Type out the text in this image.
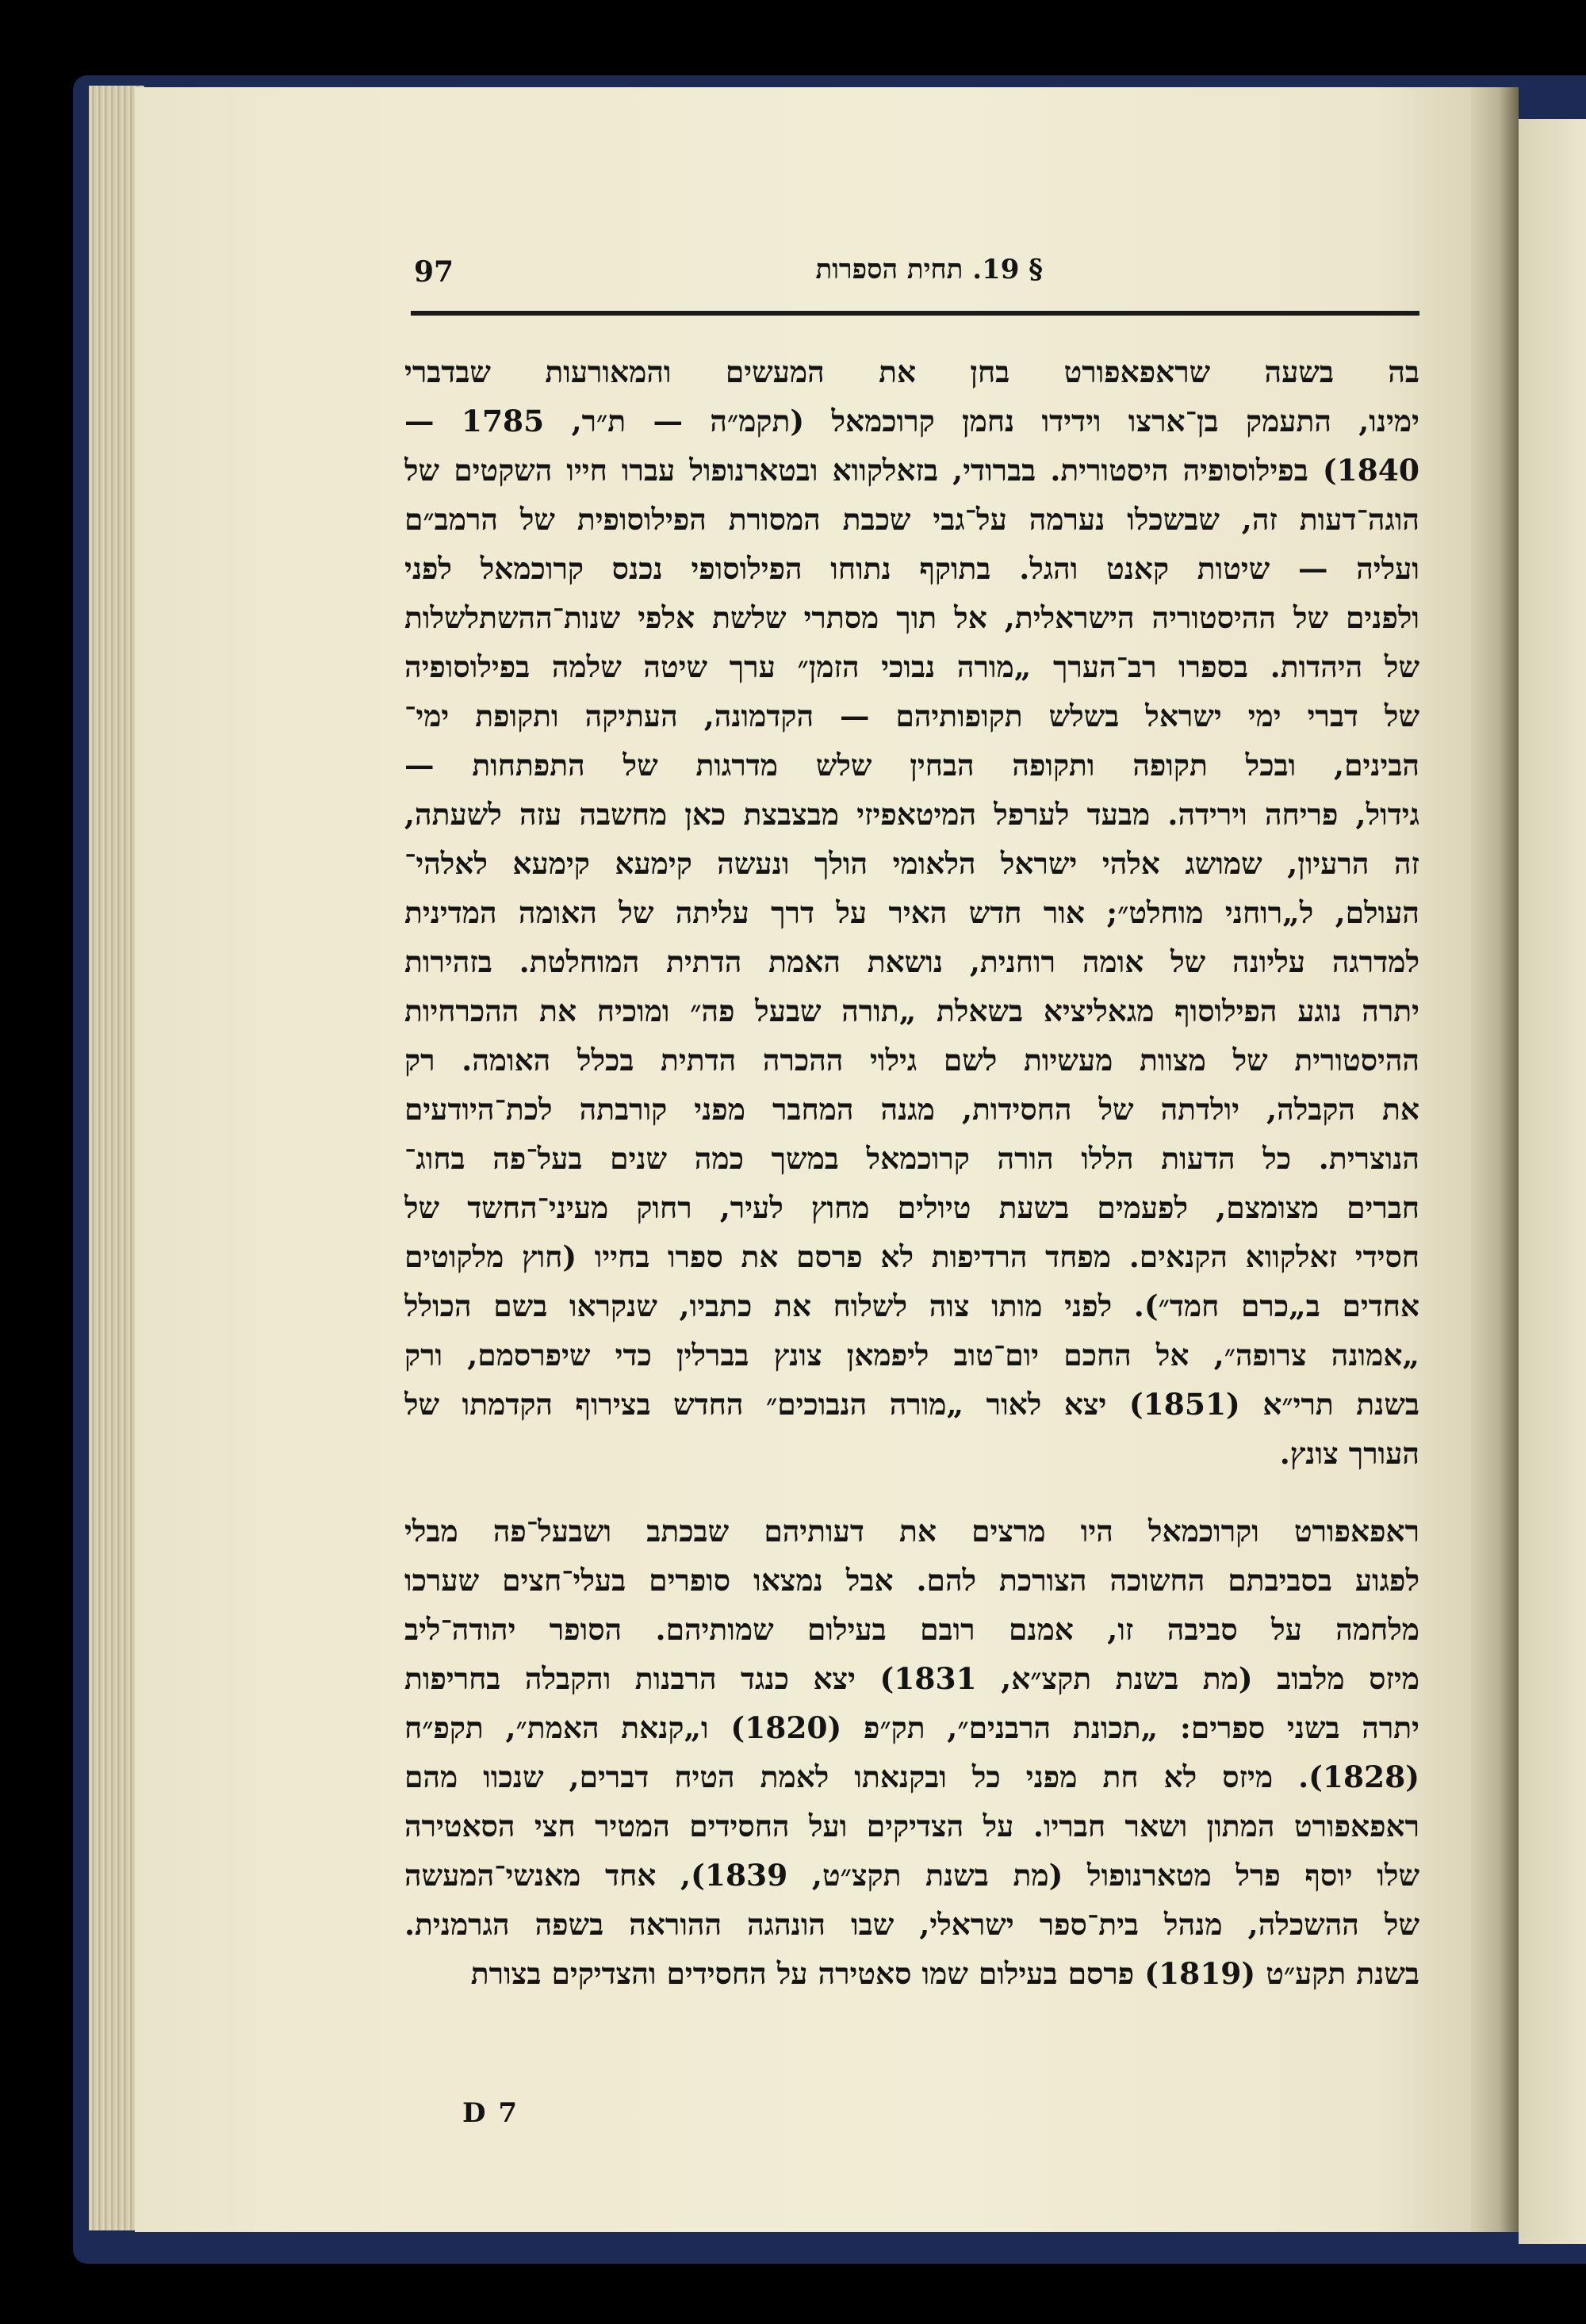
97	§ 19. תחית הספרות
בה בשעה שראפאפורט בחן את המעשים והמאורעות שבדברי
ימינו, התעמק בן־ארצו וידידו נחמן קרוכמאל (תקמ״ה — ת״ר, 1785 —
1840) בפילוסופיה היסטורית. בברודי, בזאלקווא ובטארנופול עברו חייו השקטים של
הוגה־דעות זה, שבשכלו נערמה על־גבי שכבת המסורת הפילוסופית של הרמב״ם
ועליה — שיטות קאנט והגל. בתוקף נתוחו הפילוסופי נכנס קרוכמאל לפני
ולפנים של ההיסטוריה הישראלית, אל תוך מסתרי שלשת אלפי שנות־ההשתלשלות
של היהדות. בספרו רב־הערך „מורה נבוכי הזמן״ ערך שיטה שלמה בפילוסופיה
של דברי ימי ישראל בשלש תקופותיהם — הקדמונה, העתיקה ותקופת ימי־
הבינים, ובכל תקופה ותקופה הבחין שלש מדרגות של התפתחות —
גידול, פריחה וירידה. מבעד לערפל המיטאפיזי מבצבצת כאן מחשבה עזה לשעתה,
זה הרעיון, שמושג אלהי ישראל הלאומי הולך ונעשה קימעא קימעא לאלהי־
העולם, ל„רוחני מוחלט״; אור חדש האיר על דרך עליתה של האומה המדינית
למדרגה עליונה של אומה רוחנית, נושאת האמת הדתית המוחלטת. בזהירות
יתרה נוגע הפילוסוף מגאליציא בשאלת „תורה שבעל פה״ ומוכיח את ההכרחיות
ההיסטורית של מצוות מעשיות לשם גילוי ההכרה הדתית בכלל האומה. רק
את הקבלה, יולדתה של החסידות, מגנה המחבר מפני קורבתה לכת־היודעים
הנוצרית. כל הדעות הללו הורה קרוכמאל במשך כמה שנים בעל־פה בחוג־
חברים מצומצם, לפעמים בשעת טיולים מחוץ לעיר, רחוק מעיני־החשד של
חסידי זאלקווא הקנאים. מפחד הרדיפות לא פרסם את ספרו בחייו (חוץ מלקוטים
אחדים ב„כרם חמד״). לפני מותו צוה לשלוח את כתביו, שנקראו בשם הכולל
„אמונה צרופה״, אל החכם יום־טוב ליפמאן צונץ בברלין כדי שיפרסמם, ורק
בשנת תרי״א (1851) יצא לאור „מורה הנבוכים״ החדש בצירוף הקדמתו של
העורך צונץ.
ראפאפורט וקרוכמאל היו מרצים את דעותיהם שבכתב ושבעל־פה מבלי
לפגוע בסביבתם החשוכה הצורכת להם. אבל נמצאו סופרים בעלי־חצים שערכו
מלחמה על סביבה זו, אמנם רובם בעילום שמותיהם. הסופר יהודה־ליב
מיזס מלבוב (מת בשנת תקצ״א, 1831) יצא כנגד הרבנות והקבלה בחריפות
יתרה בשני ספרים: „תכונת הרבנים״, תק״פ (1820) ו„קנאת האמת״, תקפ״ח
(1828). מיזס לא חת מפני כל ובקנאתו לאמת הטיח דברים, שנכוו מהם
ראפאפורט המתון ושאר חבריו. על הצדיקים ועל החסידים המטיר חצי הסאטירה
שלו יוסף פרל מטארנופול (מת בשנת תקצ״ט, 1839), אחד מאנשי־המעשה
של ההשכלה, מנהל בית־ספר ישראלי, שבו הונהגה ההוראה בשפה הגרמנית.
בשנת תקע״ט (1819) פרסם בעילום שמו סאטירה על החסידים והצדיקים בצורת
D 7
